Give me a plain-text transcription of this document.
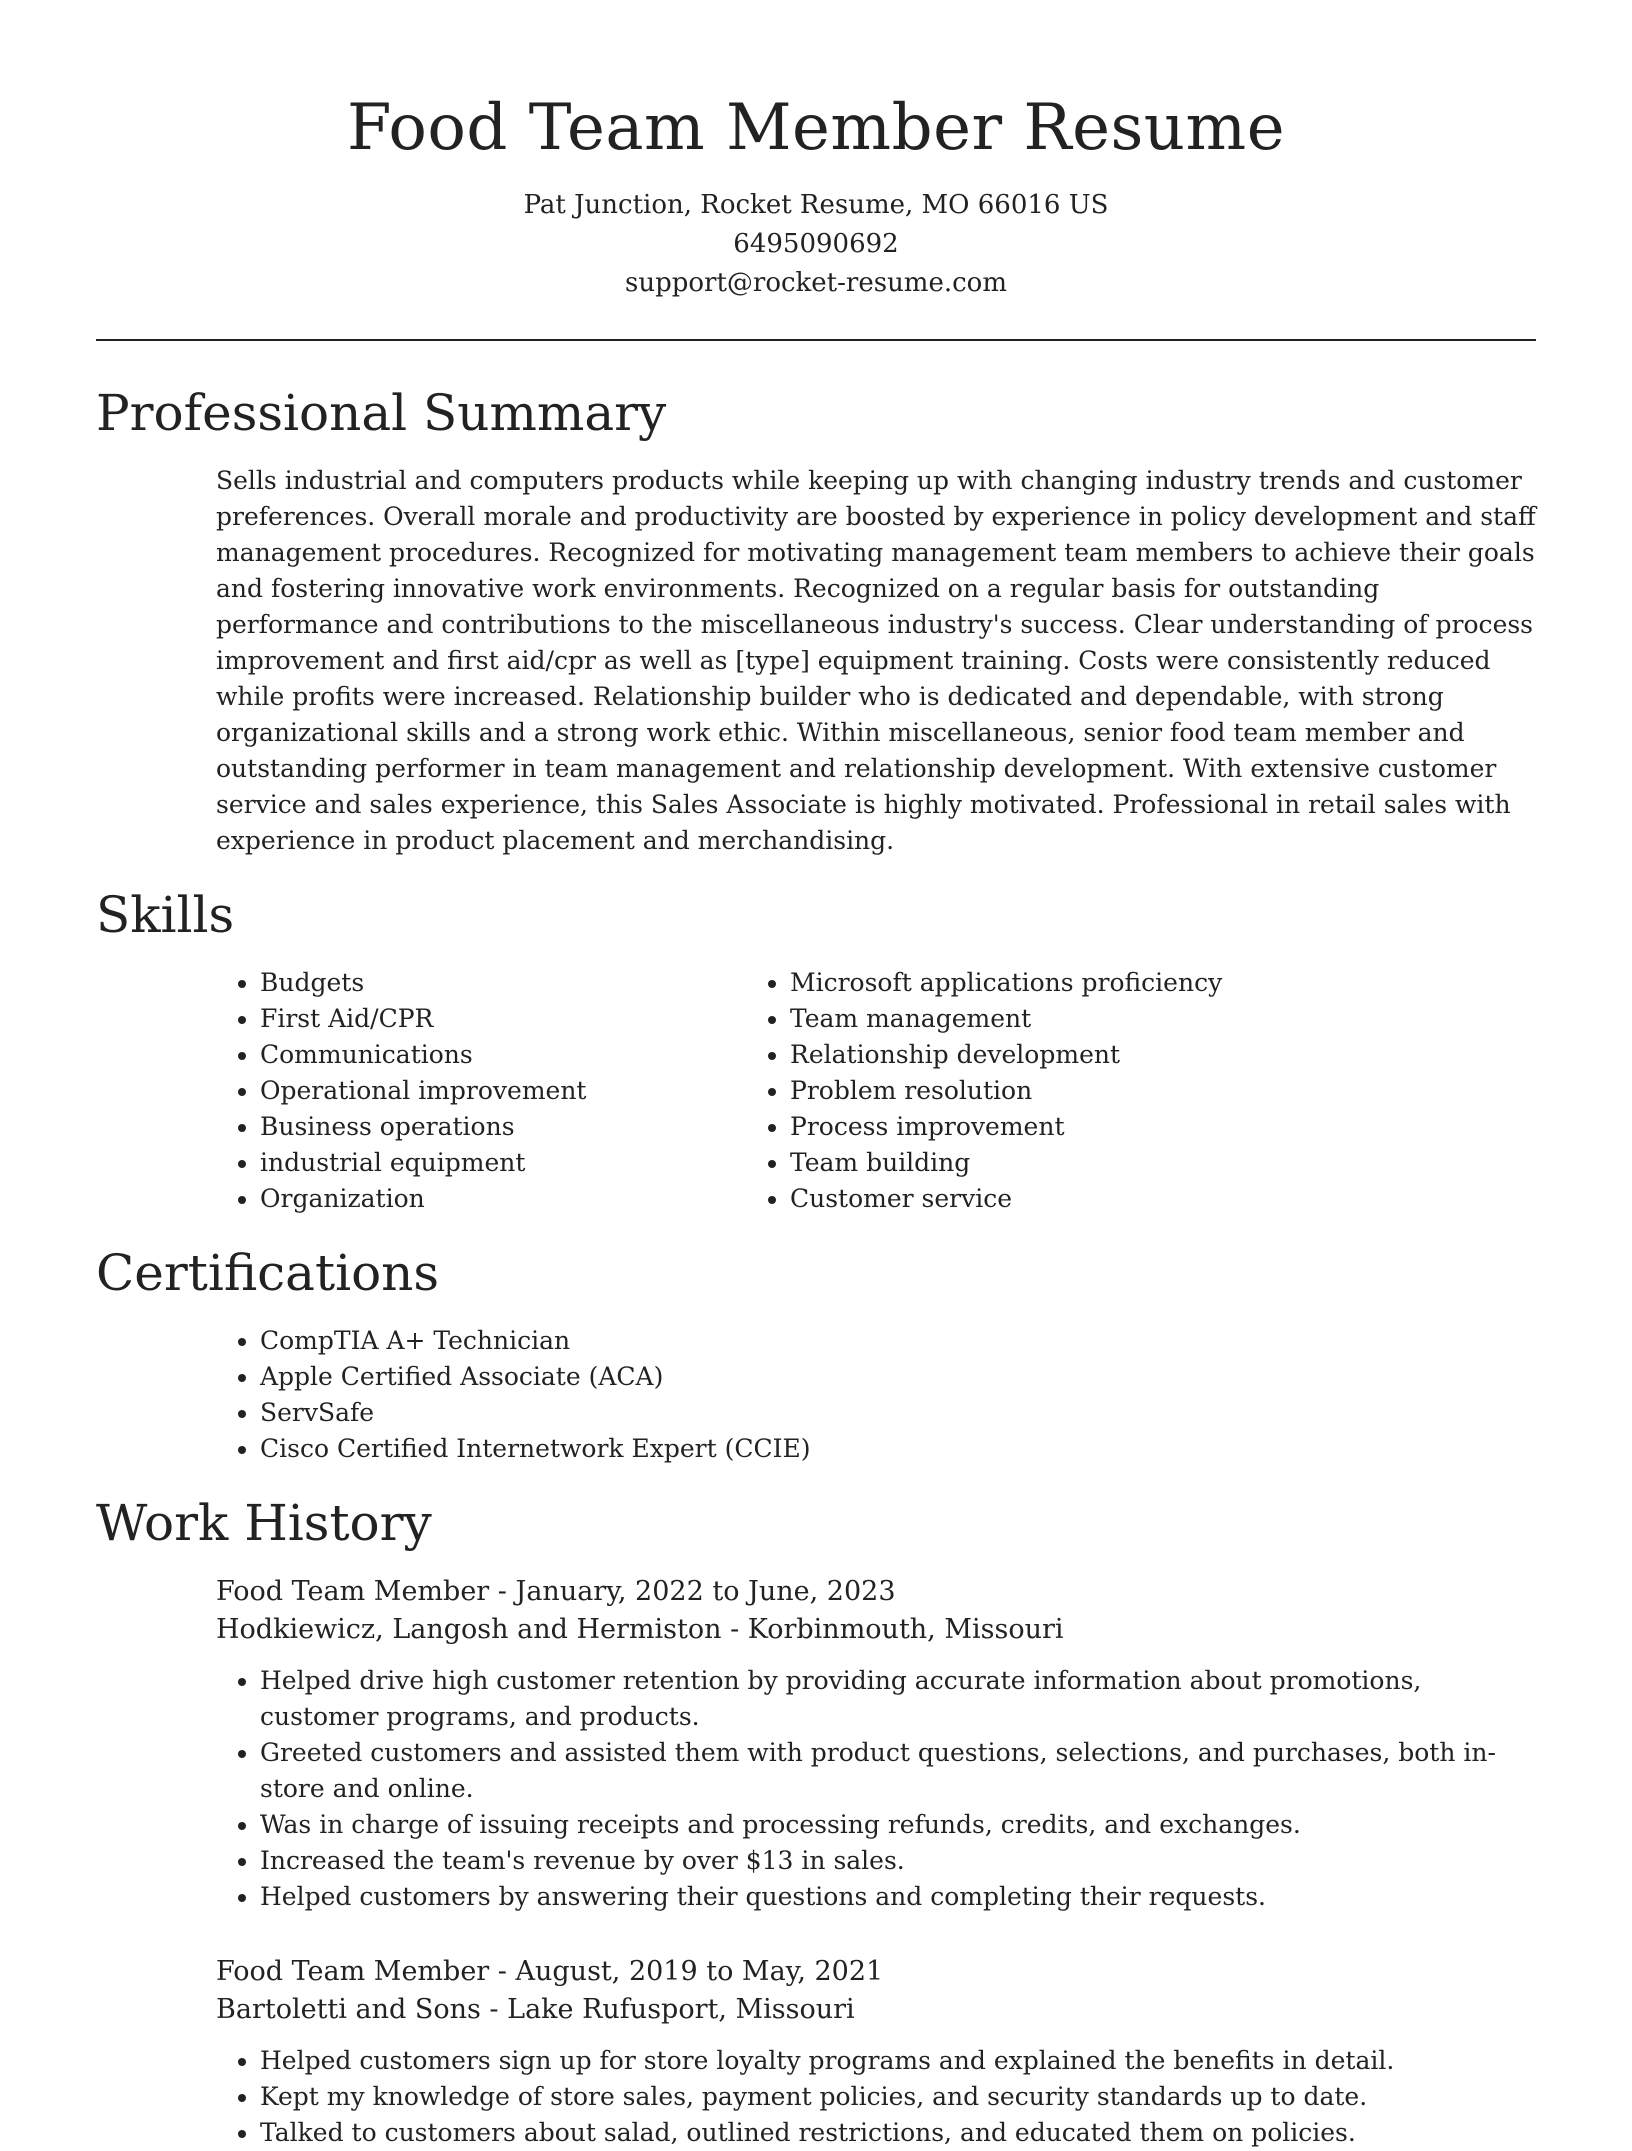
Food Team Member Resume
Pat Junction, Rocket Resume, MO 66016 US
6495090692
support@rocket-resume.com
Professional Summary

Sells industrial and computers products while keeping up with changing industry trends and customer preferences. Overall morale and productivity are boosted by experience in policy development and staff management procedures. Recognized for motivating management team members to achieve their goals and fostering innovative work environments. Recognized on a regular basis for outstanding performance and contributions to the miscellaneous industry's success. Clear understanding of process improvement and first aid/cpr as well as [type] equipment training. Costs were consistently reduced while profits were increased. Relationship builder who is dedicated and dependable, with strong organizational skills and a strong work ethic. Within miscellaneous, senior food team member and outstanding performer in team management and relationship development. With extensive customer service and sales experience, this Sales Associate is highly motivated. Professional in retail sales with experience in product placement and merchandising.

Skills
• Budgets
• First Aid/CPR
• Communications
• Operational improvement
• Business operations
• industrial equipment
• Organization
• Microsoft applications proficiency
• Team management
• Relationship development
• Problem resolution
• Process improvement
• Team building
• Customer service
Certifications
• CompTIA A+ Technician
• Apple Certified Associate (ACA)
• ServSafe
• Cisco Certified Internetwork Expert (CCIE)
Work History
Food Team Member - January, 2022 to June, 2023
Hodkiewicz, Langosh and Hermiston - Korbinmouth, Missouri
• Helped drive high customer retention by providing accurate information about promotions, customer programs, and products.
• Greeted customers and assisted them with product questions, selections, and purchases, both in-store and online.
• Was in charge of issuing receipts and processing refunds, credits, and exchanges.
• Increased the team's revenue by over $13 in sales.
• Helped customers by answering their questions and completing their requests.
Food Team Member - August, 2019 to May, 2021
Bartoletti and Sons - Lake Rufusport, Missouri
• Helped customers sign up for store loyalty programs and explained the benefits in detail.
• Kept my knowledge of store sales, payment policies, and security standards up to date.
• Talked to customers about salad, outlined restrictions, and educated them on policies.
